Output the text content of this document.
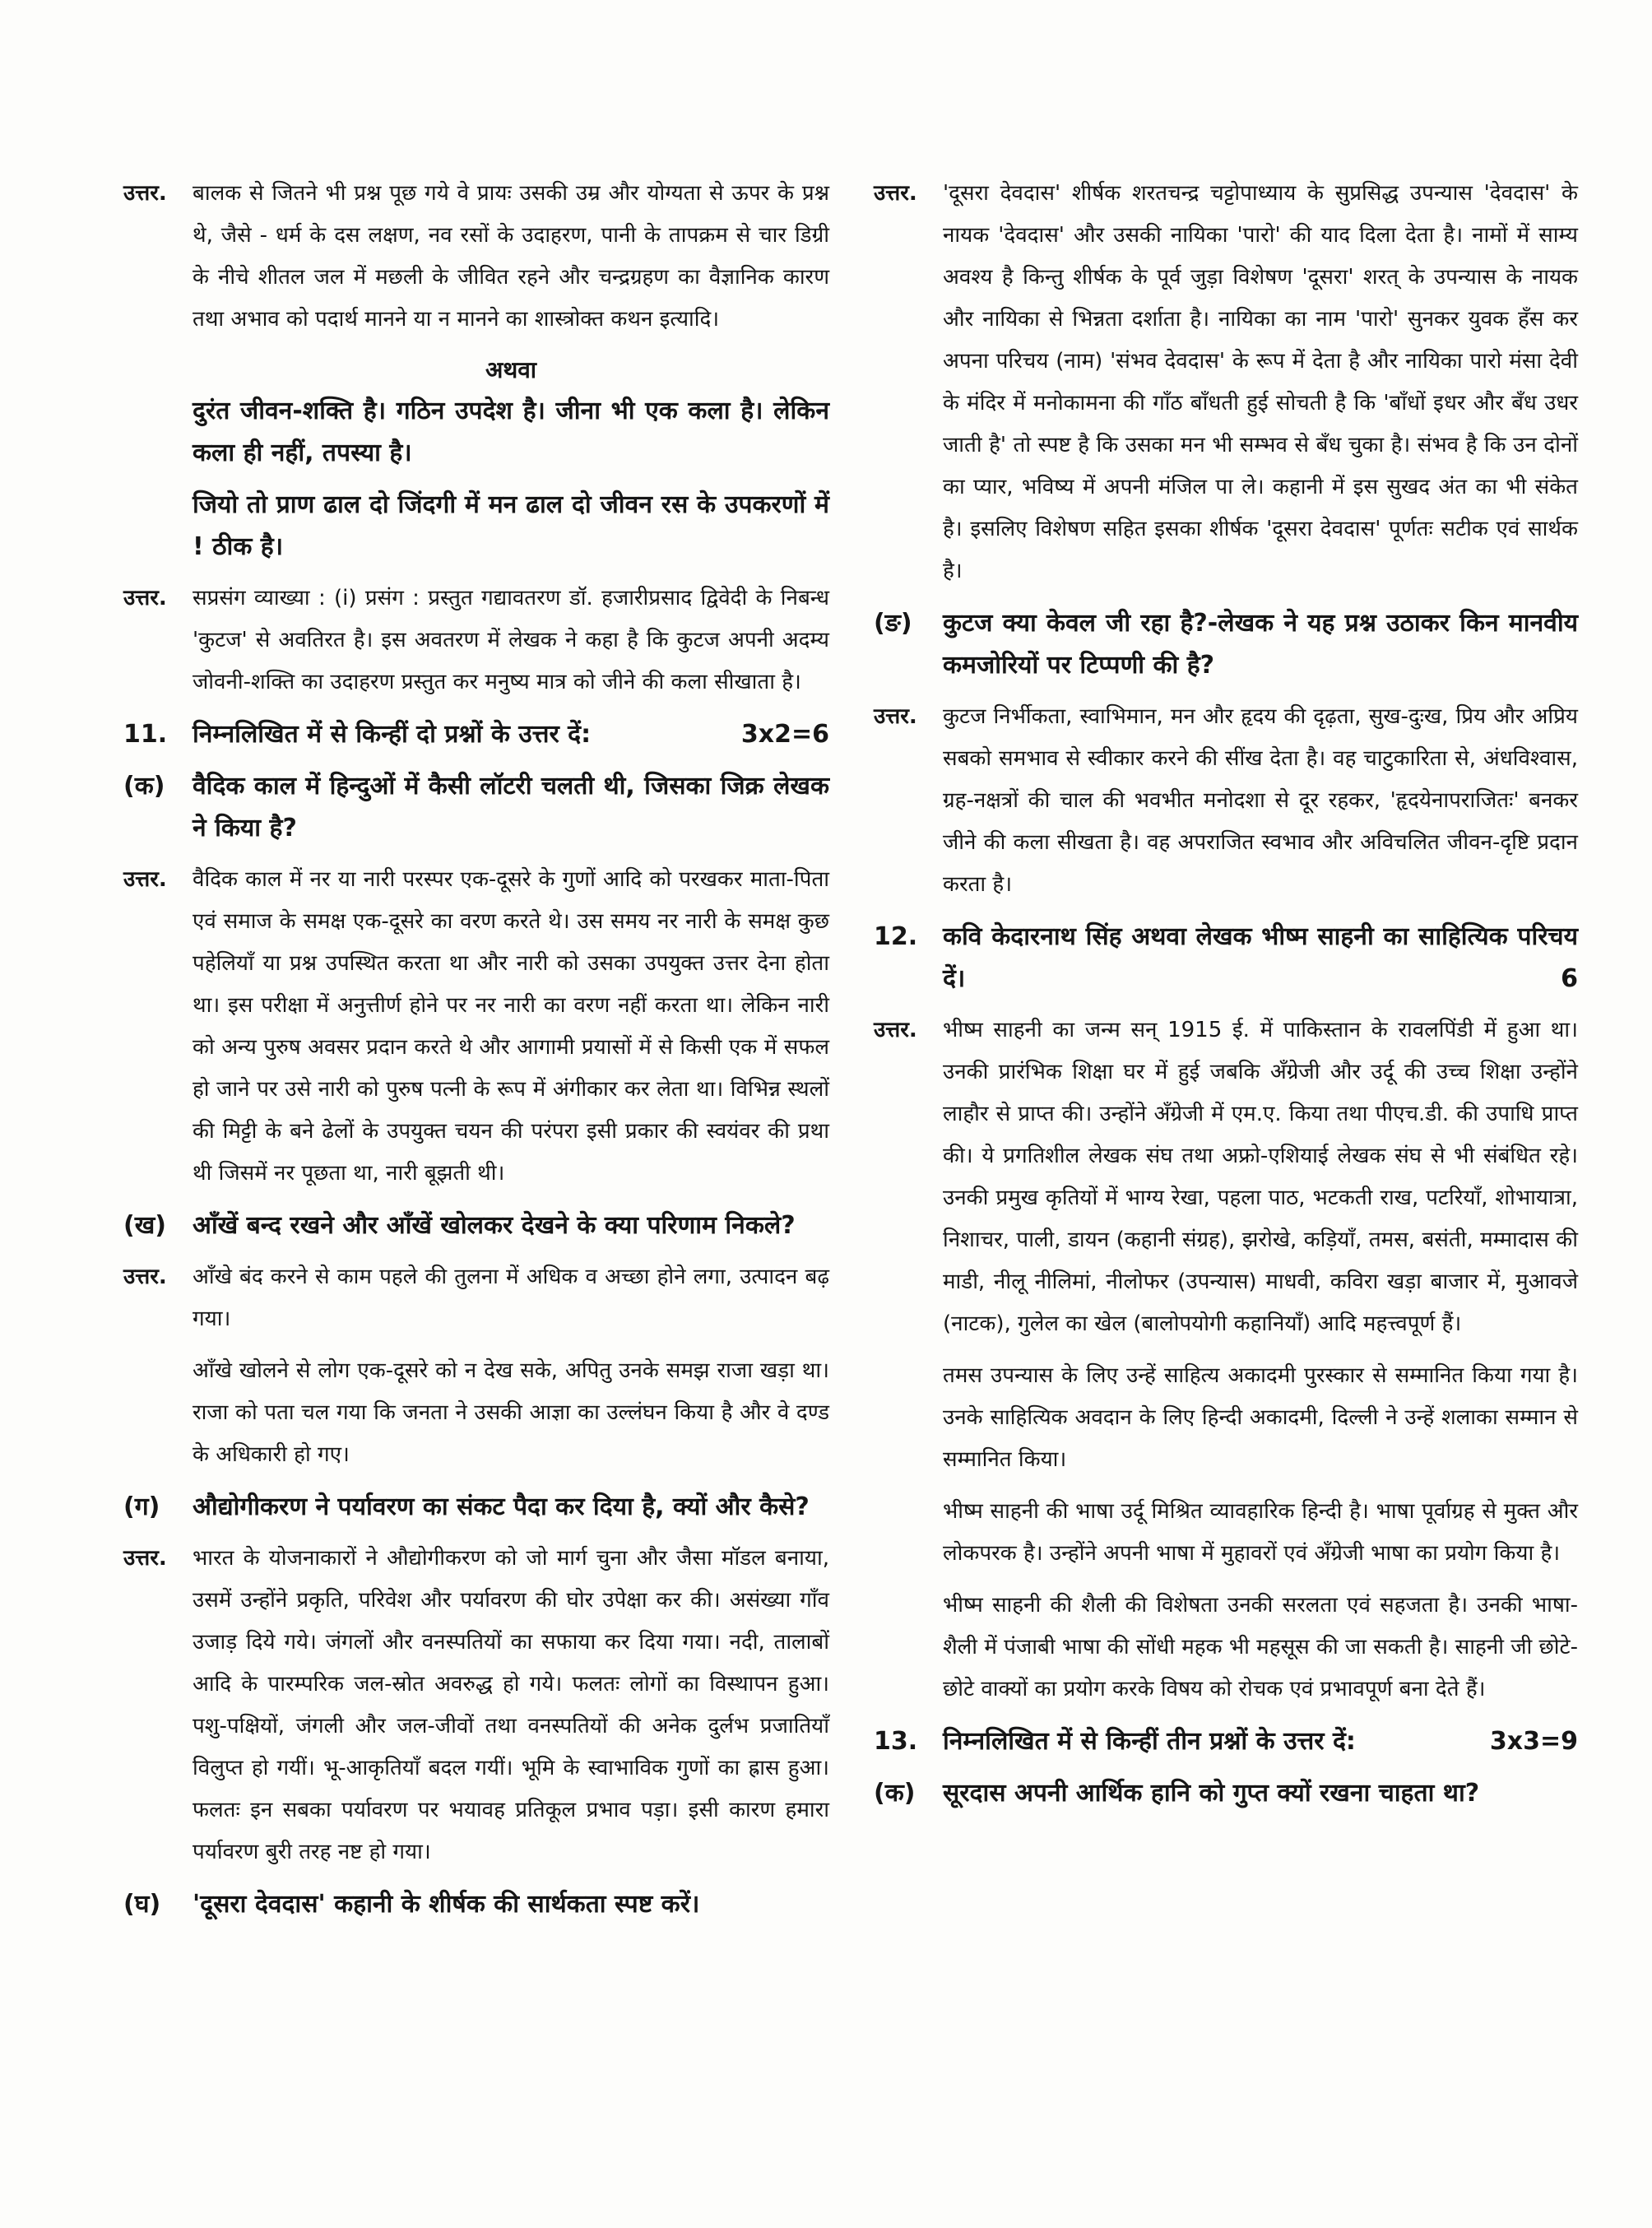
उत्तर.	बालक से जितने भी प्रश्न पूछ गये वे प्रायः उसकी उम्र और योग्यता से ऊपर के प्रश्न थे, जैसे - धर्म के दस लक्षण, नव रसों के उदाहरण, पानी के तापक्रम से चार डिग्री के नीचे शीतल जल में मछली के जीवित रहने और चन्द्रग्रहण का वैज्ञानिक कारण तथा अभाव को पदार्थ मानने या न मानने का शास्त्रोक्त कथन इत्यादि।
अथवा
दुरंत जीवन-शक्ति है। गठिन उपदेश है। जीना भी एक कला है। लेकिन कला ही नहीं, तपस्या है।
जियो तो प्राण ढाल दो जिंदगी में मन ढाल दो जीवन रस के उपकरणों में ! ठीक है।
उत्तर.	सप्रसंग व्याख्या : (i) प्रसंग : प्रस्तुत गद्यावतरण डॉ. हजारीप्रसाद द्विवेदी के निबन्ध 'कुटज' से अवतिरत है। इस अवतरण में लेखक ने कहा है कि कुटज अपनी अदम्य जोवनी-शक्ति का उदाहरण प्रस्तुत कर मनुष्य मात्र को जीने की कला सीखाता है।
11.	3x2=6
निम्नलिखित में से किन्हीं दो प्रश्नों के उत्तर दें:
(क)	वैदिक काल में हिन्दुओं में कैसी लॉटरी चलती थी, जिसका जिक्र लेखक ने किया है?
उत्तर.	वैदिक काल में नर या नारी परस्पर एक-दूसरे के गुणों आदि को परखकर माता-पिता एवं समाज के समक्ष एक-दूसरे का वरण करते थे। उस समय नर नारी के समक्ष कुछ पहेलियाँ या प्रश्न उपस्थित करता था और नारी को उसका उपयुक्त उत्तर देना होता था। इस परीक्षा में अनुत्तीर्ण होने पर नर नारी का वरण नहीं करता था। लेकिन नारी को अन्य पुरुष अवसर प्रदान करते थे और आगामी प्रयासों में से किसी एक में सफल हो जाने पर उसे नारी को पुरुष पत्नी के रूप में अंगीकार कर लेता था। विभिन्न स्थलों की मिट्टी के बने ढेलों के उपयुक्त चयन की परंपरा इसी प्रकार की स्वयंवर की प्रथा थी जिसमें नर पूछता था, नारी बूझती थी।
(ख)	आँखें बन्द रखने और आँखें खोलकर देखने के क्या परिणाम निकले?
उत्तर.	आँखे बंद करने से काम पहले की तुलना में अधिक व अच्छा होने लगा, उत्पादन बढ़ गया।
आँखे खोलने से लोग एक-दूसरे को न देख सके, अपितु उनके समझ राजा खड़ा था। राजा को पता चल गया कि जनता ने उसकी आज्ञा का उल्लंघन किया है और वे दण्ड के अधिकारी हो गए।
(ग)	औद्योगीकरण ने पर्यावरण का संकट पैदा कर दिया है, क्यों और कैसे?
उत्तर.	भारत के योजनाकारों ने औद्योगीकरण को जो मार्ग चुना और जैसा मॉडल बनाया, उसमें उन्होंने प्रकृति, परिवेश और पर्यावरण की घोर उपेक्षा कर की। असंख्या गाँव उजाड़ दिये गये। जंगलों और वनस्पतियों का सफाया कर दिया गया। नदी, तालाबों आदि के पारम्परिक जल-स्रोत अवरुद्ध हो गये। फलतः लोगों का विस्थापन हुआ। पशु-पक्षियों, जंगली और जल-जीवों तथा वनस्पतियों की अनेक दुर्लभ प्रजातियाँ विलुप्त हो गयीं। भू-आकृतियाँ बदल गयीं। भूमि के स्वाभाविक गुणों का ह्रास हुआ। फलतः इन सबका पर्यावरण पर भयावह प्रतिकूल प्रभाव पड़ा। इसी कारण हमारा पर्यावरण बुरी तरह नष्ट हो गया।
(घ)	'दूसरा देवदास' कहानी के शीर्षक की सार्थकता स्पष्ट करें।
उत्तर.	'दूसरा देवदास' शीर्षक शरतचन्द्र चट्टोपाध्याय के सुप्रसिद्ध उपन्यास 'देवदास' के नायक 'देवदास' और उसकी नायिका 'पारो' की याद दिला देता है। नामों में साम्य अवश्य है किन्तु शीर्षक के पूर्व जुड़ा विशेषण 'दूसरा' शरत् के उपन्यास के नायक और नायिका से भिन्नता दर्शाता है। नायिका का नाम 'पारो' सुनकर युवक हँस कर अपना परिचय (नाम) 'संभव देवदास' के रूप में देता है और नायिका पारो मंसा देवी के मंदिर में मनोकामना की गाँठ बाँधती हुई सोचती है कि 'बाँधों इधर और बँध उधर जाती है' तो स्पष्ट है कि उसका मन भी सम्भव से बँध चुका है। संभव है कि उन दोनों का प्यार, भविष्य में अपनी मंजिल पा ले। कहानी में इस सुखद अंत का भी संकेत है। इसलिए विशेषण सहित इसका शीर्षक 'दूसरा देवदास' पूर्णतः सटीक एवं सार्थक है।
(ङ)	कुटज क्या केवल जी रहा है?-लेखक ने यह प्रश्न उठाकर किन मानवीय कमजोरियों पर टिप्पणी की है?
उत्तर.	कुटज निर्भीकता, स्वाभिमान, मन और हृदय की दृढ़ता, सुख-दुःख, प्रिय और अप्रिय सबको समभाव से स्वीकार करने की सींख देता है। वह चाटुकारिता से, अंधविश्वास, ग्रह-नक्षत्रों की चाल की भवभीत मनोदशा से दूर रहकर, 'हृदयेनापराजितः' बनकर जीने की कला सीखता है। वह अपराजित स्वभाव और अविचलित जीवन-दृष्टि प्रदान करता है।
12.	कवि केदारनाथ सिंह अथवा लेखक भीष्म साहनी का साहित्यिक परिचय दें।	6
उत्तर.	भीष्म साहनी का जन्म सन् 1915 ई. में पाकिस्तान के रावलपिंडी में हुआ था। उनकी प्रारंभिक शिक्षा घर में हुई जबकि अँग्रेजी और उर्दू की उच्च शिक्षा उन्होंने लाहौर से प्राप्त की। उन्होंने अँग्रेजी में एम.ए. किया तथा पीएच.डी. की उपाधि प्राप्त की। ये प्रगतिशील लेखक संघ तथा अफ्रो-एशियाई लेखक संघ से भी संबंधित रहे। उनकी प्रमुख कृतियों में भाग्य रेखा, पहला पाठ, भटकती राख, पटरियाँ, शोभायात्रा, निशाचर, पाली, डायन (कहानी संग्रह), झरोखे, कड़ियाँ, तमस, बसंती, मम्मादास की माडी, नीलू नीलिमां, नीलोफर (उपन्यास) माधवी, कविरा खड़ा बाजार में, मुआवजे (नाटक), गुलेल का खेल (बालोपयोगी कहानियाँ) आदि महत्त्वपूर्ण हैं।
तमस उपन्यास के लिए उन्हें साहित्य अकादमी पुरस्कार से सम्मानित किया गया है। उनके साहित्यिक अवदान के लिए हिन्दी अकादमी, दिल्ली ने उन्हें शलाका सम्मान से सम्मानित किया।
भीष्म साहनी की भाषा उर्दू मिश्रित व्यावहारिक हिन्दी है। भाषा पूर्वाग्रह से मुक्त और लोकपरक है। उन्होंने अपनी भाषा में मुहावरों एवं अँग्रेजी भाषा का प्रयोग किया है।
भीष्म साहनी की शैली की विशेषता उनकी सरलता एवं सहजता है। उनकी भाषा-शैली में पंजाबी भाषा की सोंधी महक भी महसूस की जा सकती है। साहनी जी छोटे-छोटे वाक्यों का प्रयोग करके विषय को रोचक एवं प्रभावपूर्ण बना देते हैं।
13.	3x3=9
निम्नलिखित में से किन्हीं तीन प्रश्नों के उत्तर दें:
(क)	सूरदास अपनी आर्थिक हानि को गुप्त क्यों रखना चाहता था?
